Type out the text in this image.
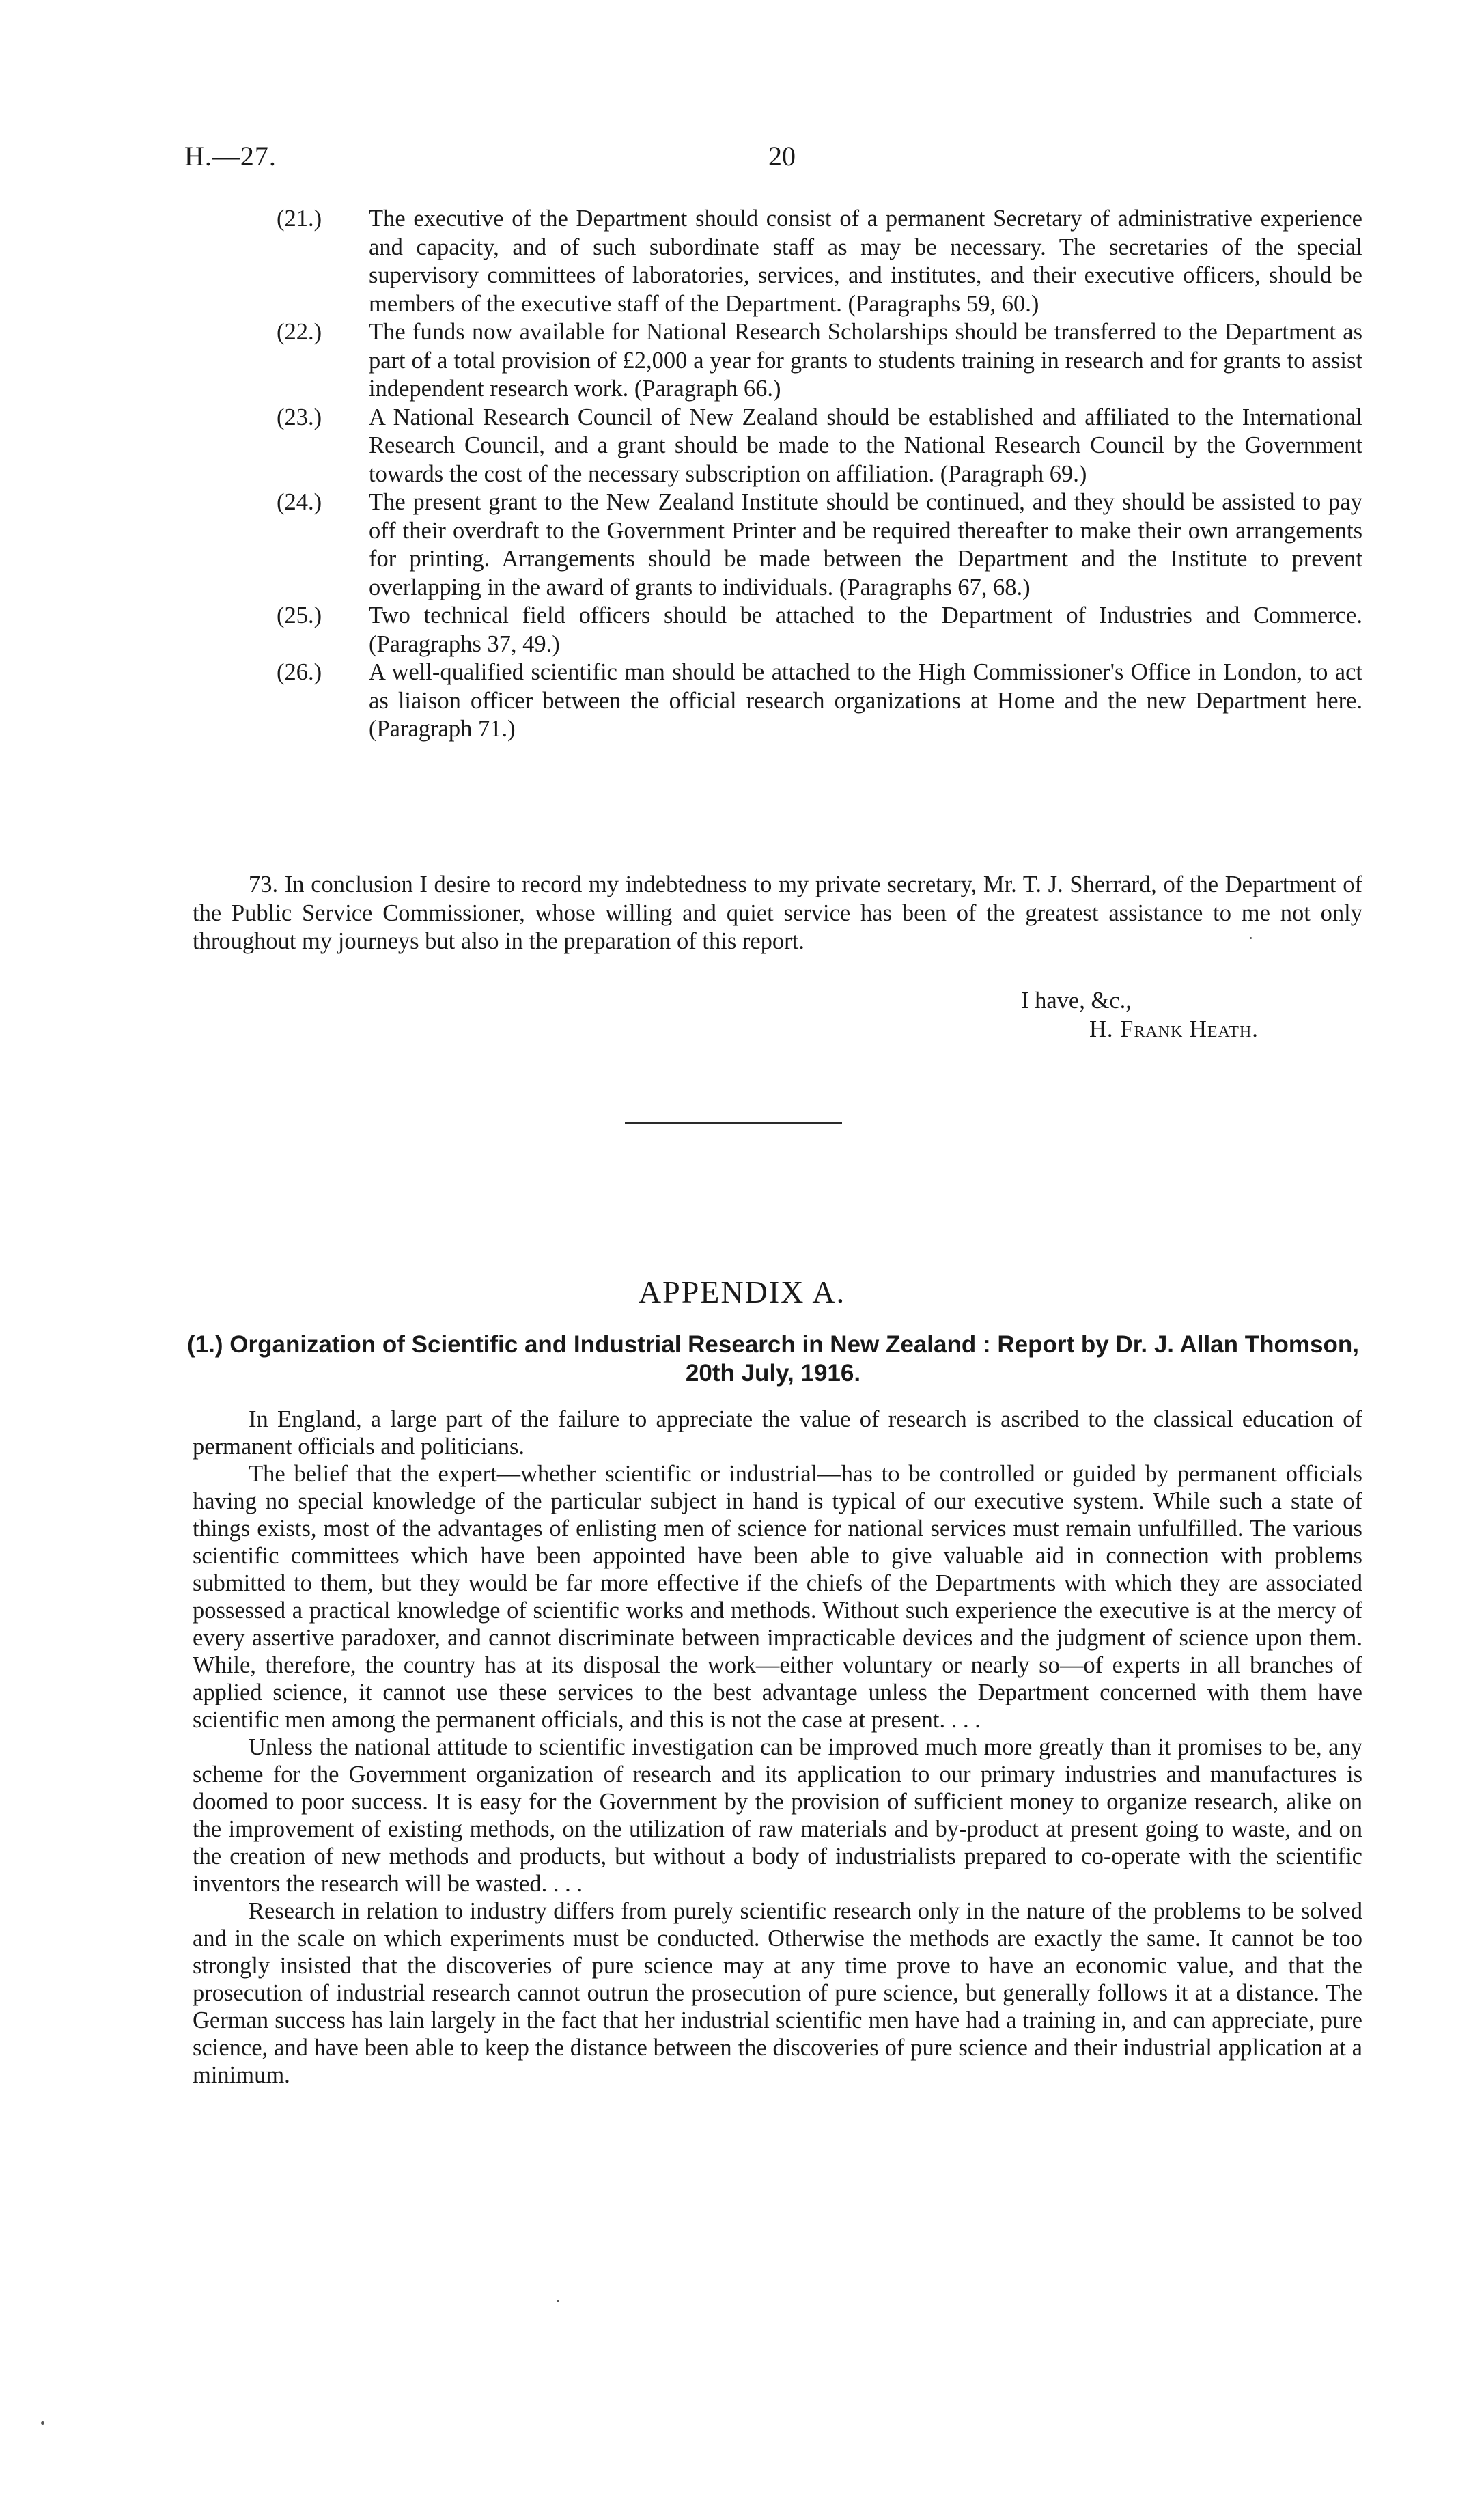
H.—27.	20

(21.) The executive of the Department should consist of a permanent Secretary of administrative experience and capacity, and of such subordinate staff as may be necessary. The secretaries of the special supervisory committees of laboratories, services, and institutes, and their executive officers, should be members of the executive staff of the Department. (Paragraphs 59, 60.)

(22.) The funds now available for National Research Scholarships should be transferred to the Department as part of a total provision of £2,000 a year for grants to students training in research and for grants to assist independent research work. (Paragraph 66.)

(23.) A National Research Council of New Zealand should be established and affiliated to the International Research Council, and a grant should be made to the National Research Council by the Government towards the cost of the necessary subscription on affiliation. (Paragraph 69.)

(24.) The present grant to the New Zealand Institute should be continued, and they should be assisted to pay off their overdraft to the Government Printer and be required thereafter to make their own arrangements for printing. Arrangements should be made between the Department and the Institute to prevent overlapping in the award of grants to individuals. (Paragraphs 67, 68.)

(25.) Two technical field officers should be attached to the Department of Industries and Commerce. (Paragraphs 37, 49.)

(26.) A well-qualified scientific man should be attached to the High Commissioner's Office in London, to act as liaison officer between the official research organizations at Home and the new Department here. (Paragraph 71.)

73. In conclusion I desire to record my indebtedness to my private secretary, Mr. T. J. Sherrard, of the Department of the Public Service Commissioner, whose willing and quiet service has been of the greatest assistance to me not only throughout my journeys but also in the preparation of this report.

I have, &c.,
H. Frank Heath.
APPENDIX A.

(1.) Organization of Scientific and Industrial Research in New Zealand : Report by Dr. J. Allan Thomson, 20th July, 1916.

In England, a large part of the failure to appreciate the value of research is ascribed to the classical education of permanent officials and politicians.

The belief that the expert—whether scientific or industrial—has to be controlled or guided by permanent officials having no special knowledge of the particular subject in hand is typical of our executive system. While such a state of things exists, most of the advantages of enlisting men of science for national services must remain unfulfilled. The various scientific committees which have been appointed have been able to give valuable aid in connection with problems submitted to them, but they would be far more effective if the chiefs of the Departments with which they are associated possessed a practical knowledge of scientific works and methods. Without such experience the executive is at the mercy of every assertive paradoxer, and cannot discriminate between impracticable devices and the judgment of science upon them. While, therefore, the country has at its disposal the work—either voluntary or nearly so—of experts in all branches of applied science, it cannot use these services to the best advantage unless the Department concerned with them have scientific men among the permanent officials, and this is not the case at present. . . .

Unless the national attitude to scientific investigation can be improved much more greatly than it promises to be, any scheme for the Government organization of research and its application to our primary industries and manufactures is doomed to poor success. It is easy for the Government by the provision of sufficient money to organize research, alike on the improvement of existing methods, on the utilization of raw materials and by-product at present going to waste, and on the creation of new methods and products, but without a body of industrialists prepared to co-operate with the scientific inventors the research will be wasted. . . .

Research in relation to industry differs from purely scientific research only in the nature of the problems to be solved and in the scale on which experiments must be conducted. Otherwise the methods are exactly the same. It cannot be too strongly insisted that the discoveries of pure science may at any time prove to have an economic value, and that the prosecution of industrial research cannot outrun the prosecution of pure science, but generally follows it at a distance. The German success has lain largely in the fact that her industrial scientific men have had a training in, and can appreciate, pure science, and have been able to keep the distance between the discoveries of pure science and their industrial application at a minimum.
